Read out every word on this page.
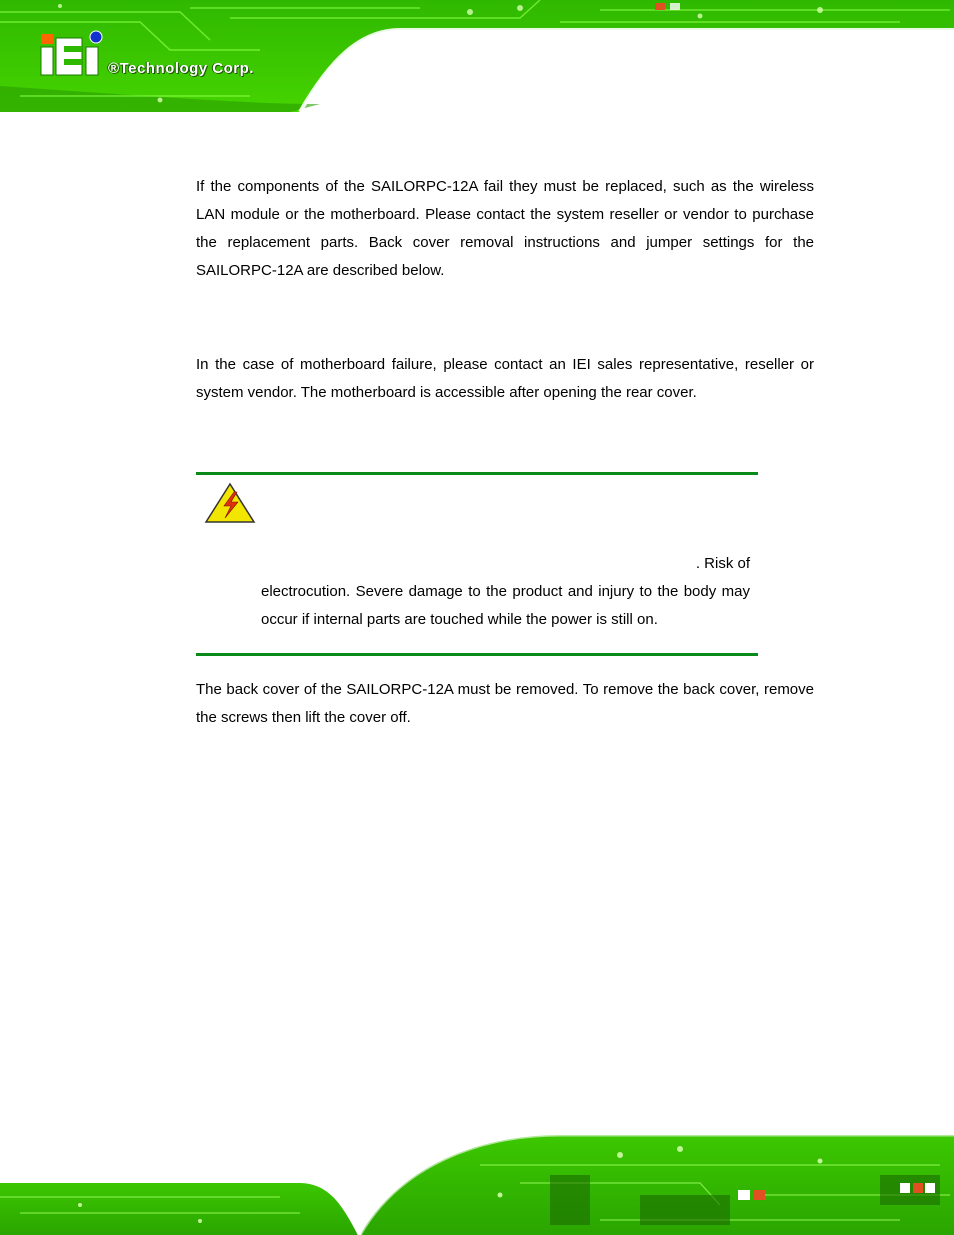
®Technology Corp.

If the components of the SAILORPC-12A fail they must be replaced, such as the wireless LAN module or the motherboard. Please contact the system reseller or vendor to purchase the replacement parts. Back cover removal instructions and jumper settings for the SAILORPC-12A are described below.

In the case of motherboard failure, please contact an IEI sales representative, reseller or system vendor. The motherboard is accessible after opening the rear cover.

. Risk of
electrocution. Severe damage to the product and injury to the body may occur if internal parts are touched while the power is still on.

The back cover of the SAILORPC-12A must be removed. To remove the back cover, remove the screws then lift the cover off.
